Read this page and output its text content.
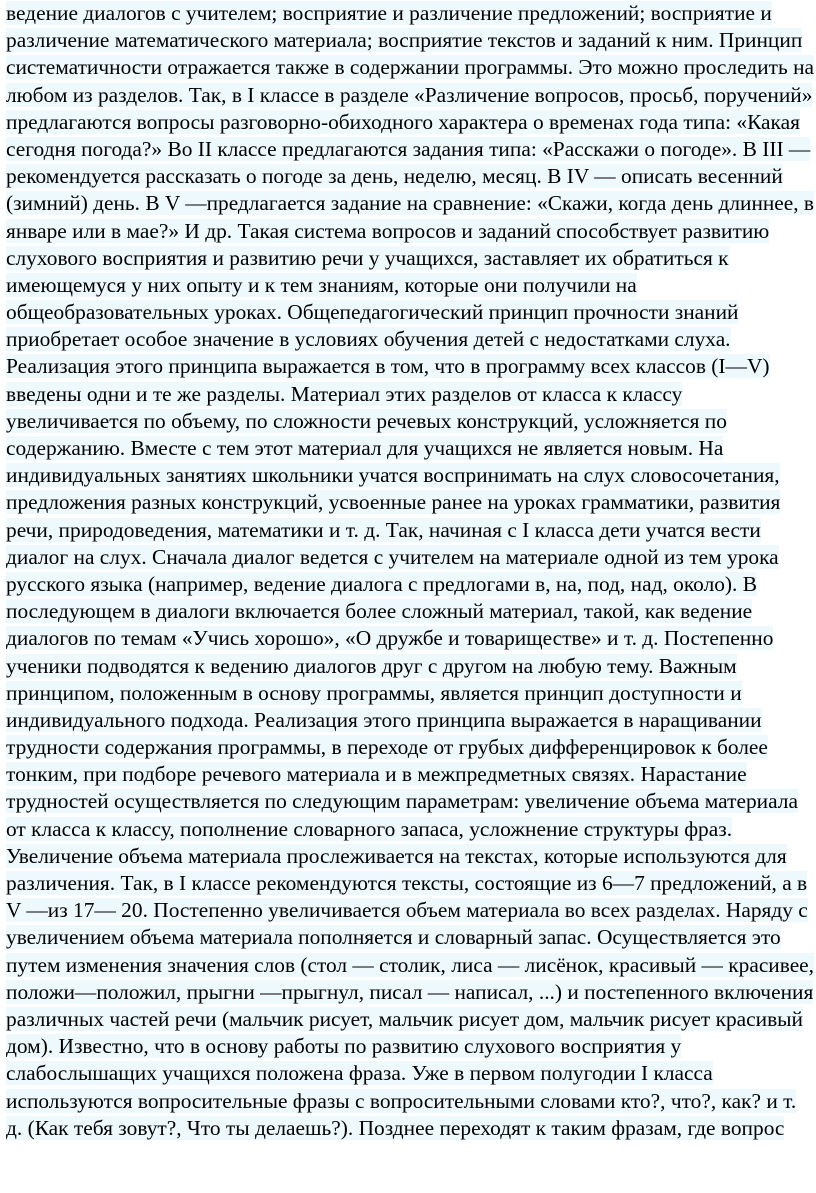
ведение диалогов с учителем; восприятие и различение предложений; восприятие и
различение математического материала; восприятие текстов и заданий к ним. Принцип
систематичности отражается также в содержании программы. Это можно проследить на
любом из разделов. Так, в I классе в разделе «Различение вопросов, просьб, поручений»
предлагаются вопросы разговорно-обиходного характера о временах года типа: «Какая
сегодня погода?» Во II классе предлагаются задания типа: «Расскажи о погоде». В III —
рекомендуется рассказать о погоде за день, неделю, месяц. В IV — описать весенний
(зимний) день. В V —предлагается задание на сравнение: «Скажи, когда день длиннее, в
январе или в мае?» И др. Такая система вопросов и заданий способствует развитию
слухового восприятия и развитию речи у учащихся, заставляет их обратиться к
имеющемуся у них опыту и к тем знаниям, которые они получили на
общеобразовательных уроках. Общепедагогический принцип прочности знаний
приобретает особое значение в условиях обучения детей с недостатками слуха.
Реализация этого принципа выражается в том, что в программу всех классов (I—V)
введены одни и те же разделы. Материал этих разделов от класса к классу
увеличивается по объему, по сложности речевых конструкций, усложняется по
содержанию. Вместе с тем этот материал для учащихся не является новым. На
индивидуальных занятиях школьники учатся воспринимать на слух словосочетания,
предложения разных конструкций, усвоенные ранее на уроках грамматики, развития
речи, природоведения, математики и т. д. Так, начиная с I класса дети учатся вести
диалог на слух. Сначала диалог ведется с учителем на материале одной из тем урока
русского языка (например, ведение диалога с предлогами в, на, под, над, около). В
последующем в диалоги включается более сложный материал, такой, как ведение
диалогов по темам «Учись хорошо», «О дружбе и товариществе» и т. д. Постепенно
ученики подводятся к ведению диалогов друг с другом на любую тему. Важным
принципом, положенным в основу программы, является принцип доступности и
индивидуального подхода. Реализация этого принципа выражается в наращивании
трудности содержания программы, в переходе от грубых дифференцировок к более
тонким, при подборе речевого материала и в межпредметных связях. Нарастание
трудностей осуществляется по следующим параметрам: увеличение объема материала
от класса к классу, пополнение словарного запаса, усложнение структуры фраз.
Увеличение объема материала прослеживается на текстах, которые используются для
различения. Так, в I классе рекомендуются тексты, состоящие из 6—7 предложений, а в
V —из 17— 20. Постепенно увеличивается объем материала во всех разделах. Наряду с
увеличением объема материала пополняется и словарный запас. Осуществляется это
путем изменения значения слов (стол — столик, лиса — лисёнок, красивый — красивее,
положи—положил, прыгни —прыгнул, писал — написал, ...) и постепенного включения
различных частей речи (мальчик рисует, мальчик рисует дом, мальчик рисует красивый
дом). Известно, что в основу работы по развитию слухового восприятия у
слабослышащих учащихся положена фраза. Уже в первом полугодии I класса
используются вопросительные фразы с вопросительными словами кто?, что?, как? и т.
д. (Как тебя зовут?, Что ты делаешь?). Позднее переходят к таким фразам, где вопрос
